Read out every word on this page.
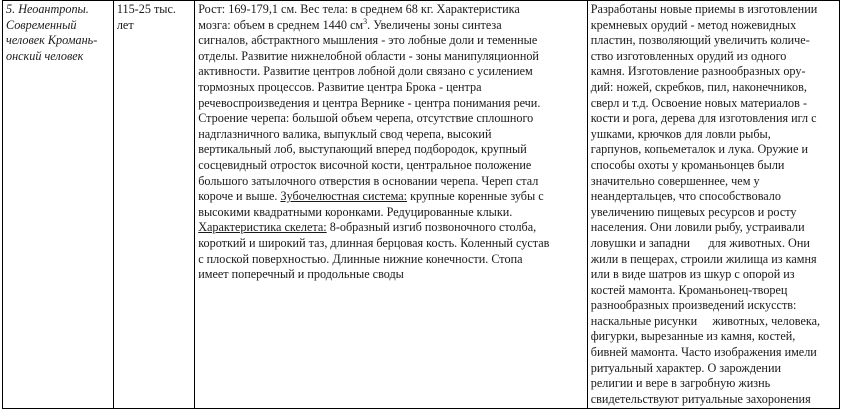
5. Неоантропы.
Современный
человек Кромань-
онский человек

115-25 тыс.
лет

Рост: 169-179,1 см. Вес тела: в среднем 68 кг. Характеристика
мозга: объем в среднем 1440 $см^3$. Увеличены зоны синтеза
сигналов, абстрактного мышления - это лобные доли и теменные
отделы. Развитие нижнелобной области - зоны манипуляционной
активности. Развитие центров лобной доли связано с усилением
тормозных процессов. Развитие центра Брока - центра
речевоспроизведения и центра Вернике - центра понимания речи.
Строение черепа: большой объем черепа, отсутствие сплошного
надглазничного валика, выпуклый свод черепа, высокий
вертикальный лоб, выступающий вперед подбородок, крупный
сосцевидный отросток височной кости, центральное положение
большого затылочного отверстия в основании черепа. Череп стал
короче и выше. Зубочелюстная система: крупные коренные зубы с
высокими квадратными коронками. Редуцированные клыки.
Характеристика скелета: 8-образный изгиб позвоночного столба,
короткий и широкий таз, длинная берцовая кость. Коленный сустав
с плоской поверхностью. Длинные нижние конечности. Стопа
имеет поперечный и продольные своды

Разработаны новые приемы в изготовлении
кремневых орудий - метод ножевидных
пластин, позволяющий увеличить количе-
ство изготовленных орудий из одного
камня. Изготовление разнообразных ору-
дий: ножей, скребков, пил, наконечников,
сверл и т.д. Освоение новых материалов -
кости и рога, дерева для изготовления игл с
ушками, крючков для ловли рыбы,
гарпунов, копьеметалок и лука. Оружие и
способы охоты у кроманьонцев были
значительно совершеннее, чем у
неандертальцев, что способствовало
увеличению пищевых ресурсов и росту
населения. Они ловили рыбу, устраивали
ловушки и западни      для животных. Они
жили в пещерах, строили жилища из камня
или в виде шатров из шкур с опорой из
костей мамонта. Кроманьонец-творец
разнообразных произведений искусств:
наскальные рисунки     животных, человека,
фигурки, вырезанные из камня, костей,
бивней мамонта. Часто изображения имели
ритуальный характер. О зарождении
религии и вере в загробную жизнь
свидетельствуют ритуальные захоронения
